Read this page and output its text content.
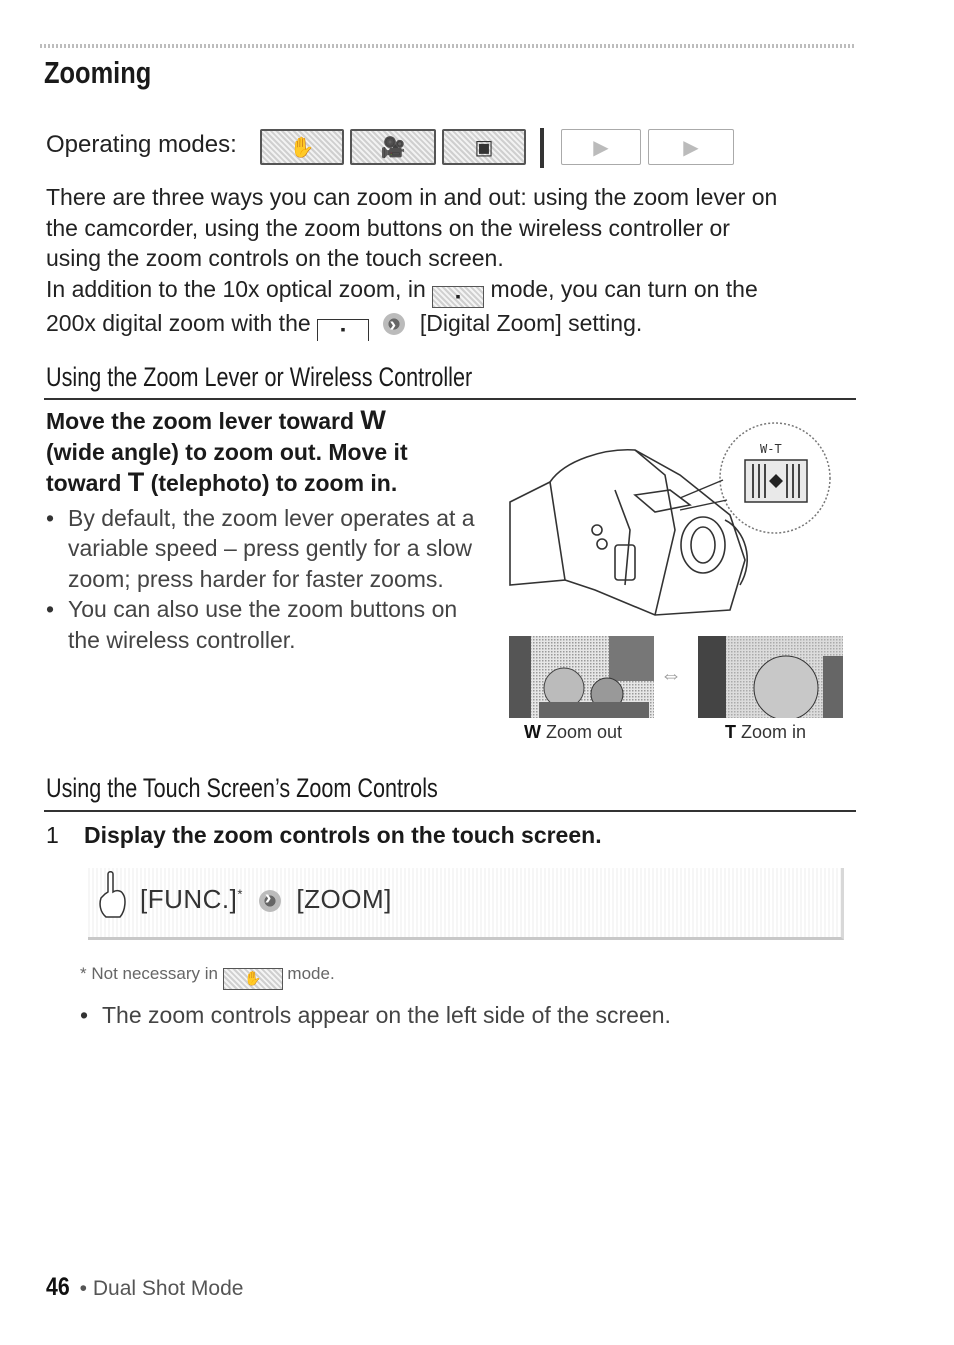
Zooming
Operating modes:	✋	🎥	▣	▶	▶
There are three ways you can zoom in and out: using the zoom lever on
the camcorder, using the zoom buttons on the wireless controller or
using the zoom controls on the touch screen.
In addition to the 10x optical zoom, in ▪ mode, you can turn on the
200x digital zoom with the ▪ ›	[Digital Zoom] setting.
Using the Zoom Lever or Wireless Controller
Move the zoom lever toward W
(wide angle) to zoom out. Move it
toward T (telephoto) to zoom in.
• By default, the zoom lever operates at a variable speed – press gently for a slow zoom; press harder for faster zooms.
• You can also use the zoom buttons on the wireless controller.
W-T
⇔
W Zoom out	T Zoom in
Using the Touch Screen’s Zoom Controls
1 Display the zoom controls on the touch screen.
[FUNC.]* › [ZOOM]
* Not necessary in ✋ mode.
• The zoom controls appear on the left side of the screen.
46 • Dual Shot Mode
